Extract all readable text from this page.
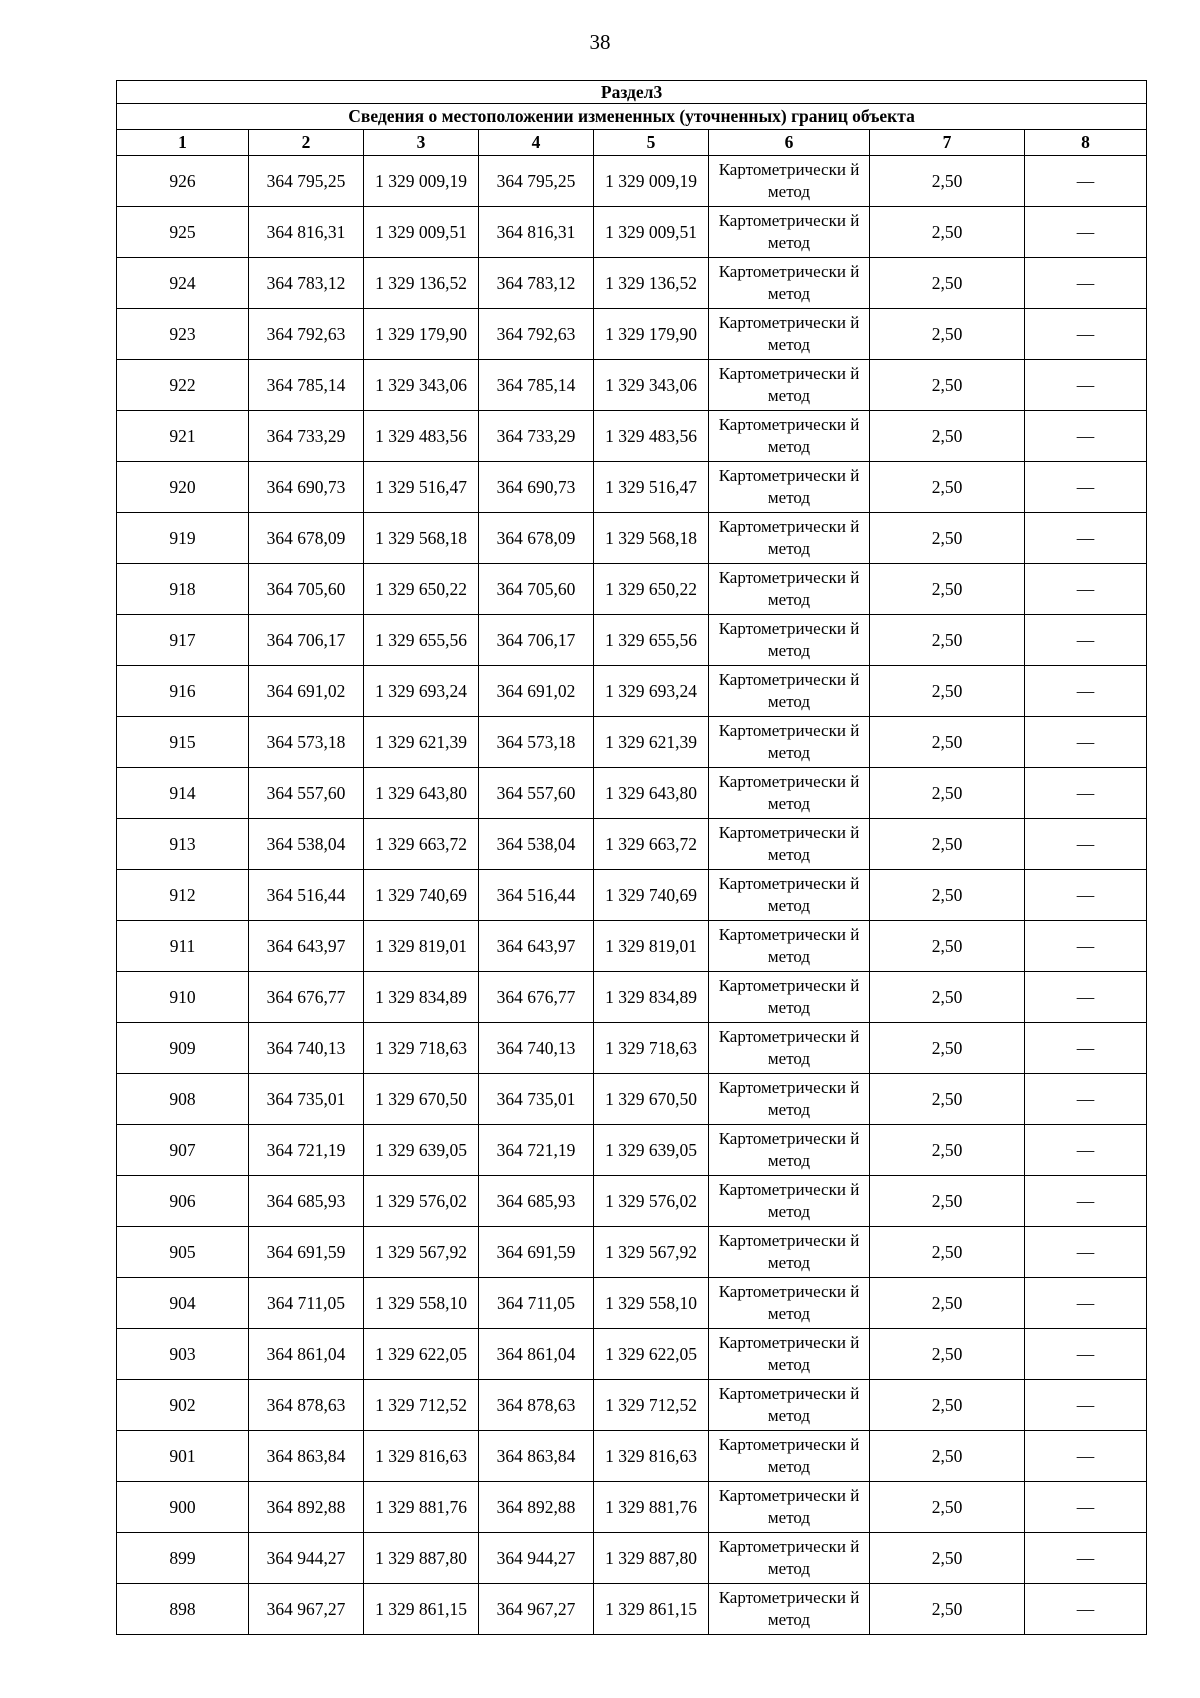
38
Раздел3							
Сведения о местоположении измененных (уточненных) границ объекта							
1	2	3	4	5	6	7	8
926	364 795,25	1 329 009,19	364 795,25	1 329 009,19	Картометрически й метод	2,50	—
925	364 816,31	1 329 009,51	364 816,31	1 329 009,51	Картометрически й метод	2,50	—
924	364 783,12	1 329 136,52	364 783,12	1 329 136,52	Картометрически й метод	2,50	—
923	364 792,63	1 329 179,90	364 792,63	1 329 179,90	Картометрически й метод	2,50	—
922	364 785,14	1 329 343,06	364 785,14	1 329 343,06	Картометрически й метод	2,50	—
921	364 733,29	1 329 483,56	364 733,29	1 329 483,56	Картометрически й метод	2,50	—
920	364 690,73	1 329 516,47	364 690,73	1 329 516,47	Картометрически й метод	2,50	—
919	364 678,09	1 329 568,18	364 678,09	1 329 568,18	Картометрически й метод	2,50	—
918	364 705,60	1 329 650,22	364 705,60	1 329 650,22	Картометрически й метод	2,50	—
917	364 706,17	1 329 655,56	364 706,17	1 329 655,56	Картометрически й метод	2,50	—
916	364 691,02	1 329 693,24	364 691,02	1 329 693,24	Картометрически й метод	2,50	—
915	364 573,18	1 329 621,39	364 573,18	1 329 621,39	Картометрически й метод	2,50	—
914	364 557,60	1 329 643,80	364 557,60	1 329 643,80	Картометрически й метод	2,50	—
913	364 538,04	1 329 663,72	364 538,04	1 329 663,72	Картометрически й метод	2,50	—
912	364 516,44	1 329 740,69	364 516,44	1 329 740,69	Картометрически й метод	2,50	—
911	364 643,97	1 329 819,01	364 643,97	1 329 819,01	Картометрически й метод	2,50	—
910	364 676,77	1 329 834,89	364 676,77	1 329 834,89	Картометрически й метод	2,50	—
909	364 740,13	1 329 718,63	364 740,13	1 329 718,63	Картометрически й метод	2,50	—
908	364 735,01	1 329 670,50	364 735,01	1 329 670,50	Картометрически й метод	2,50	—
907	364 721,19	1 329 639,05	364 721,19	1 329 639,05	Картометрически й метод	2,50	—
906	364 685,93	1 329 576,02	364 685,93	1 329 576,02	Картометрически й метод	2,50	—
905	364 691,59	1 329 567,92	364 691,59	1 329 567,92	Картометрически й метод	2,50	—
904	364 711,05	1 329 558,10	364 711,05	1 329 558,10	Картометрически й метод	2,50	—
903	364 861,04	1 329 622,05	364 861,04	1 329 622,05	Картометрически й метод	2,50	—
902	364 878,63	1 329 712,52	364 878,63	1 329 712,52	Картометрически й метод	2,50	—
901	364 863,84	1 329 816,63	364 863,84	1 329 816,63	Картометрически й метод	2,50	—
900	364 892,88	1 329 881,76	364 892,88	1 329 881,76	Картометрически й метод	2,50	—
899	364 944,27	1 329 887,80	364 944,27	1 329 887,80	Картометрически й метод	2,50	—
898	364 967,27	1 329 861,15	364 967,27	1 329 861,15	Картометрически й метод	2,50	—
